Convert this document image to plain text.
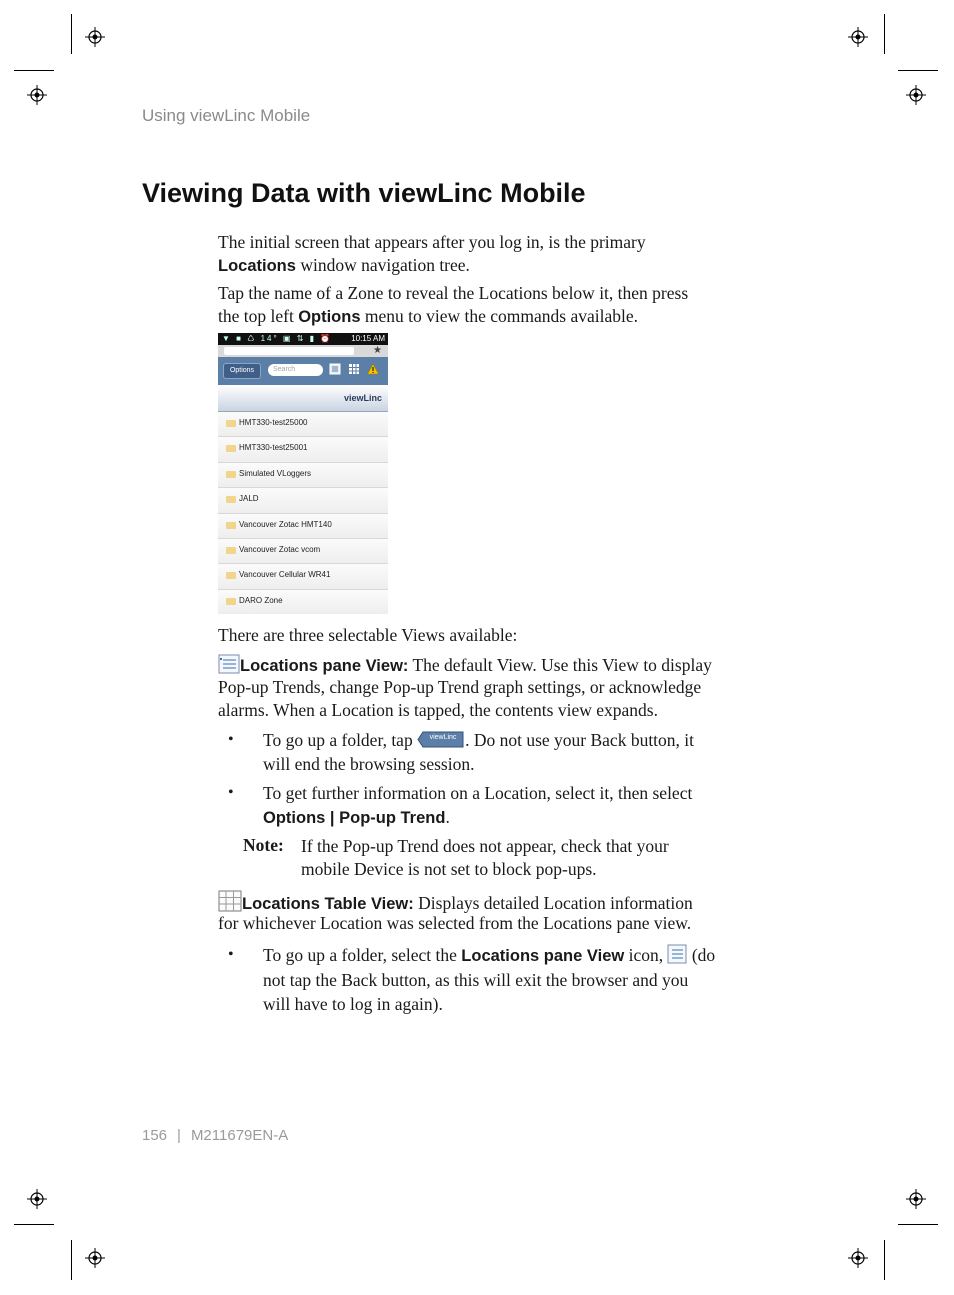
Using viewLinc Mobile
Viewing Data with viewLinc Mobile

The initial screen that appears after you log in, is the primary

Locations window navigation tree.

Tap the name of a Zone to reveal the Locations below it, then press

the top left Options menu to view the commands available.

▼ ■ ♺ 14° ▣ ⇅ ▮ ⏰ 10:15 AM
★
Options	Search
viewLinc
HMT330-test25000
HMT330-test25001
Simulated VLoggers
JALD
Vancouver Zotac HMT140
Vancouver Zotac vcom
Vancouver Cellular WR41
DARO Zone
There are three selectable Views available:

Locations pane View: The default View. Use this View to display

Pop-up Trends, change Pop-up Trend graph settings, or acknowledge

alarms. When a Location is tapped, the contents view expands.

• To go up a folder, tap viewLinc . Do not use your Back button, it
will end the browsing session.
• To get further information on a Location, select it, then select
Options | Pop-up Trend.
Note: If the Pop-up Trend does not appear, check that your
mobile Device is not set to block pop-ups.

Locations Table View: Displays detailed Location information

for whichever Location was selected from the Locations pane view.

• To go up a folder, select the Locations pane View icon,  (do
not tap the Back button, as this will exit the browser and you
will have to log in again).
156 | M211679EN-A
